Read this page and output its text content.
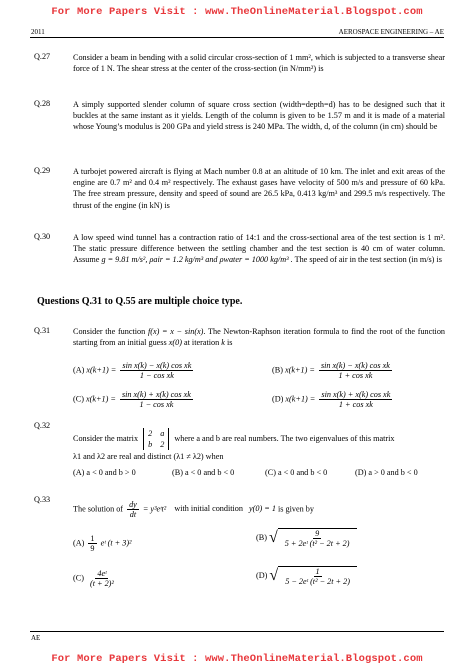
For More Papers Visit : www.TheOnlineMaterial.Blogspot.com
2011	AEROSPACE ENGINEERING – AE
Q.27	Consider a beam in bending with a solid circular cross-section of 1 mm², which is subjected to a transverse shear force of 1 N. The shear stress at the center of the cross-section (in N/mm²) is
Q.28	A simply supported slender column of square cross section (width=depth=d) has to be designed such that it buckles at the same instant as it yields. Length of the column is given to be 1.57 m and it is made of a material whose Young’s modulus is 200 GPa and yield stress is 240 MPa. The width, d, of the column (in cm) should be
Q.29	A turbojet powered aircraft is flying at Mach number 0.8 at an altitude of 10 km. The inlet and exit areas of the engine are 0.7 m² and 0.4 m² respectively. The exhaust gases have velocity of 500 m/s and pressure of 60 kPa. The free stream pressure, density and speed of sound are 26.5 kPa, 0.413 kg/m³ and 299.5 m/s respectively. The thrust of the engine (in kN) is
Q.30	A low speed wind tunnel has a contraction ratio of 14:1 and the cross-sectional area of the test section is 1 m². The static pressure difference between the settling chamber and the test section is 40 cm of water column. Assume g = 9.81 m/s², ρair = 1.2 kg/m³ and ρwater = 1000 kg/m³ . The speed of air in the test section (in m/s) is
Questions Q.31 to Q.55 are multiple choice type.
Q.31	Consider the function f(x) = x − sin(x). The Newton-Raphson iteration formula to find the root of the function starting from an initial guess x(0) at iteration k is
(A) $x(k+1) = \frac{\text{sin x(k) − x(k) cos xk}}{\text{1 − cos xk}}$	(B) $x(k+1) = \frac{\text{sin x(k) − x(k) cos xk}}{\text{1 + cos xk}}$
(C) $x(k+1) = \frac{\text{sin x(k) + x(k) cos xk}}{\text{1 − cos xk}}$	(D) $x(k+1) = \frac{\text{sin x(k) + x(k) cos xk}}{\text{1 + cos xk}}$
Q.32
Consider the matrix
2 a
b 2
where a and b are real numbers. The two eigenvalues of this matrix
λ1 and λ2 are real and distinct (λ1 ≠ λ2) when
(A) a < 0 and b > 0	(B) a < 0 and b < 0	(C) a < 0 and b < 0	(D) a > 0 and b < 0
Q.33
The solution of $\frac{dy}{dt}$ = y³eᵗt² with initial condition y(0) = 1 is given by
$(A) \frac{1}{9}$ eᵗ (t + 3)²
(B) √ $\frac{9}{\text{5 + 2eᵗ (t² − 2t + 2)}}$
$(C) \frac{\text{4eᵗ}}{\text{(t + 2)²}}$	(D) √ $\frac{1}{\text{5 − 2eᵗ (t² − 2t + 2)}}$
AE
For More Papers Visit : www.TheOnlineMaterial.Blogspot.com
